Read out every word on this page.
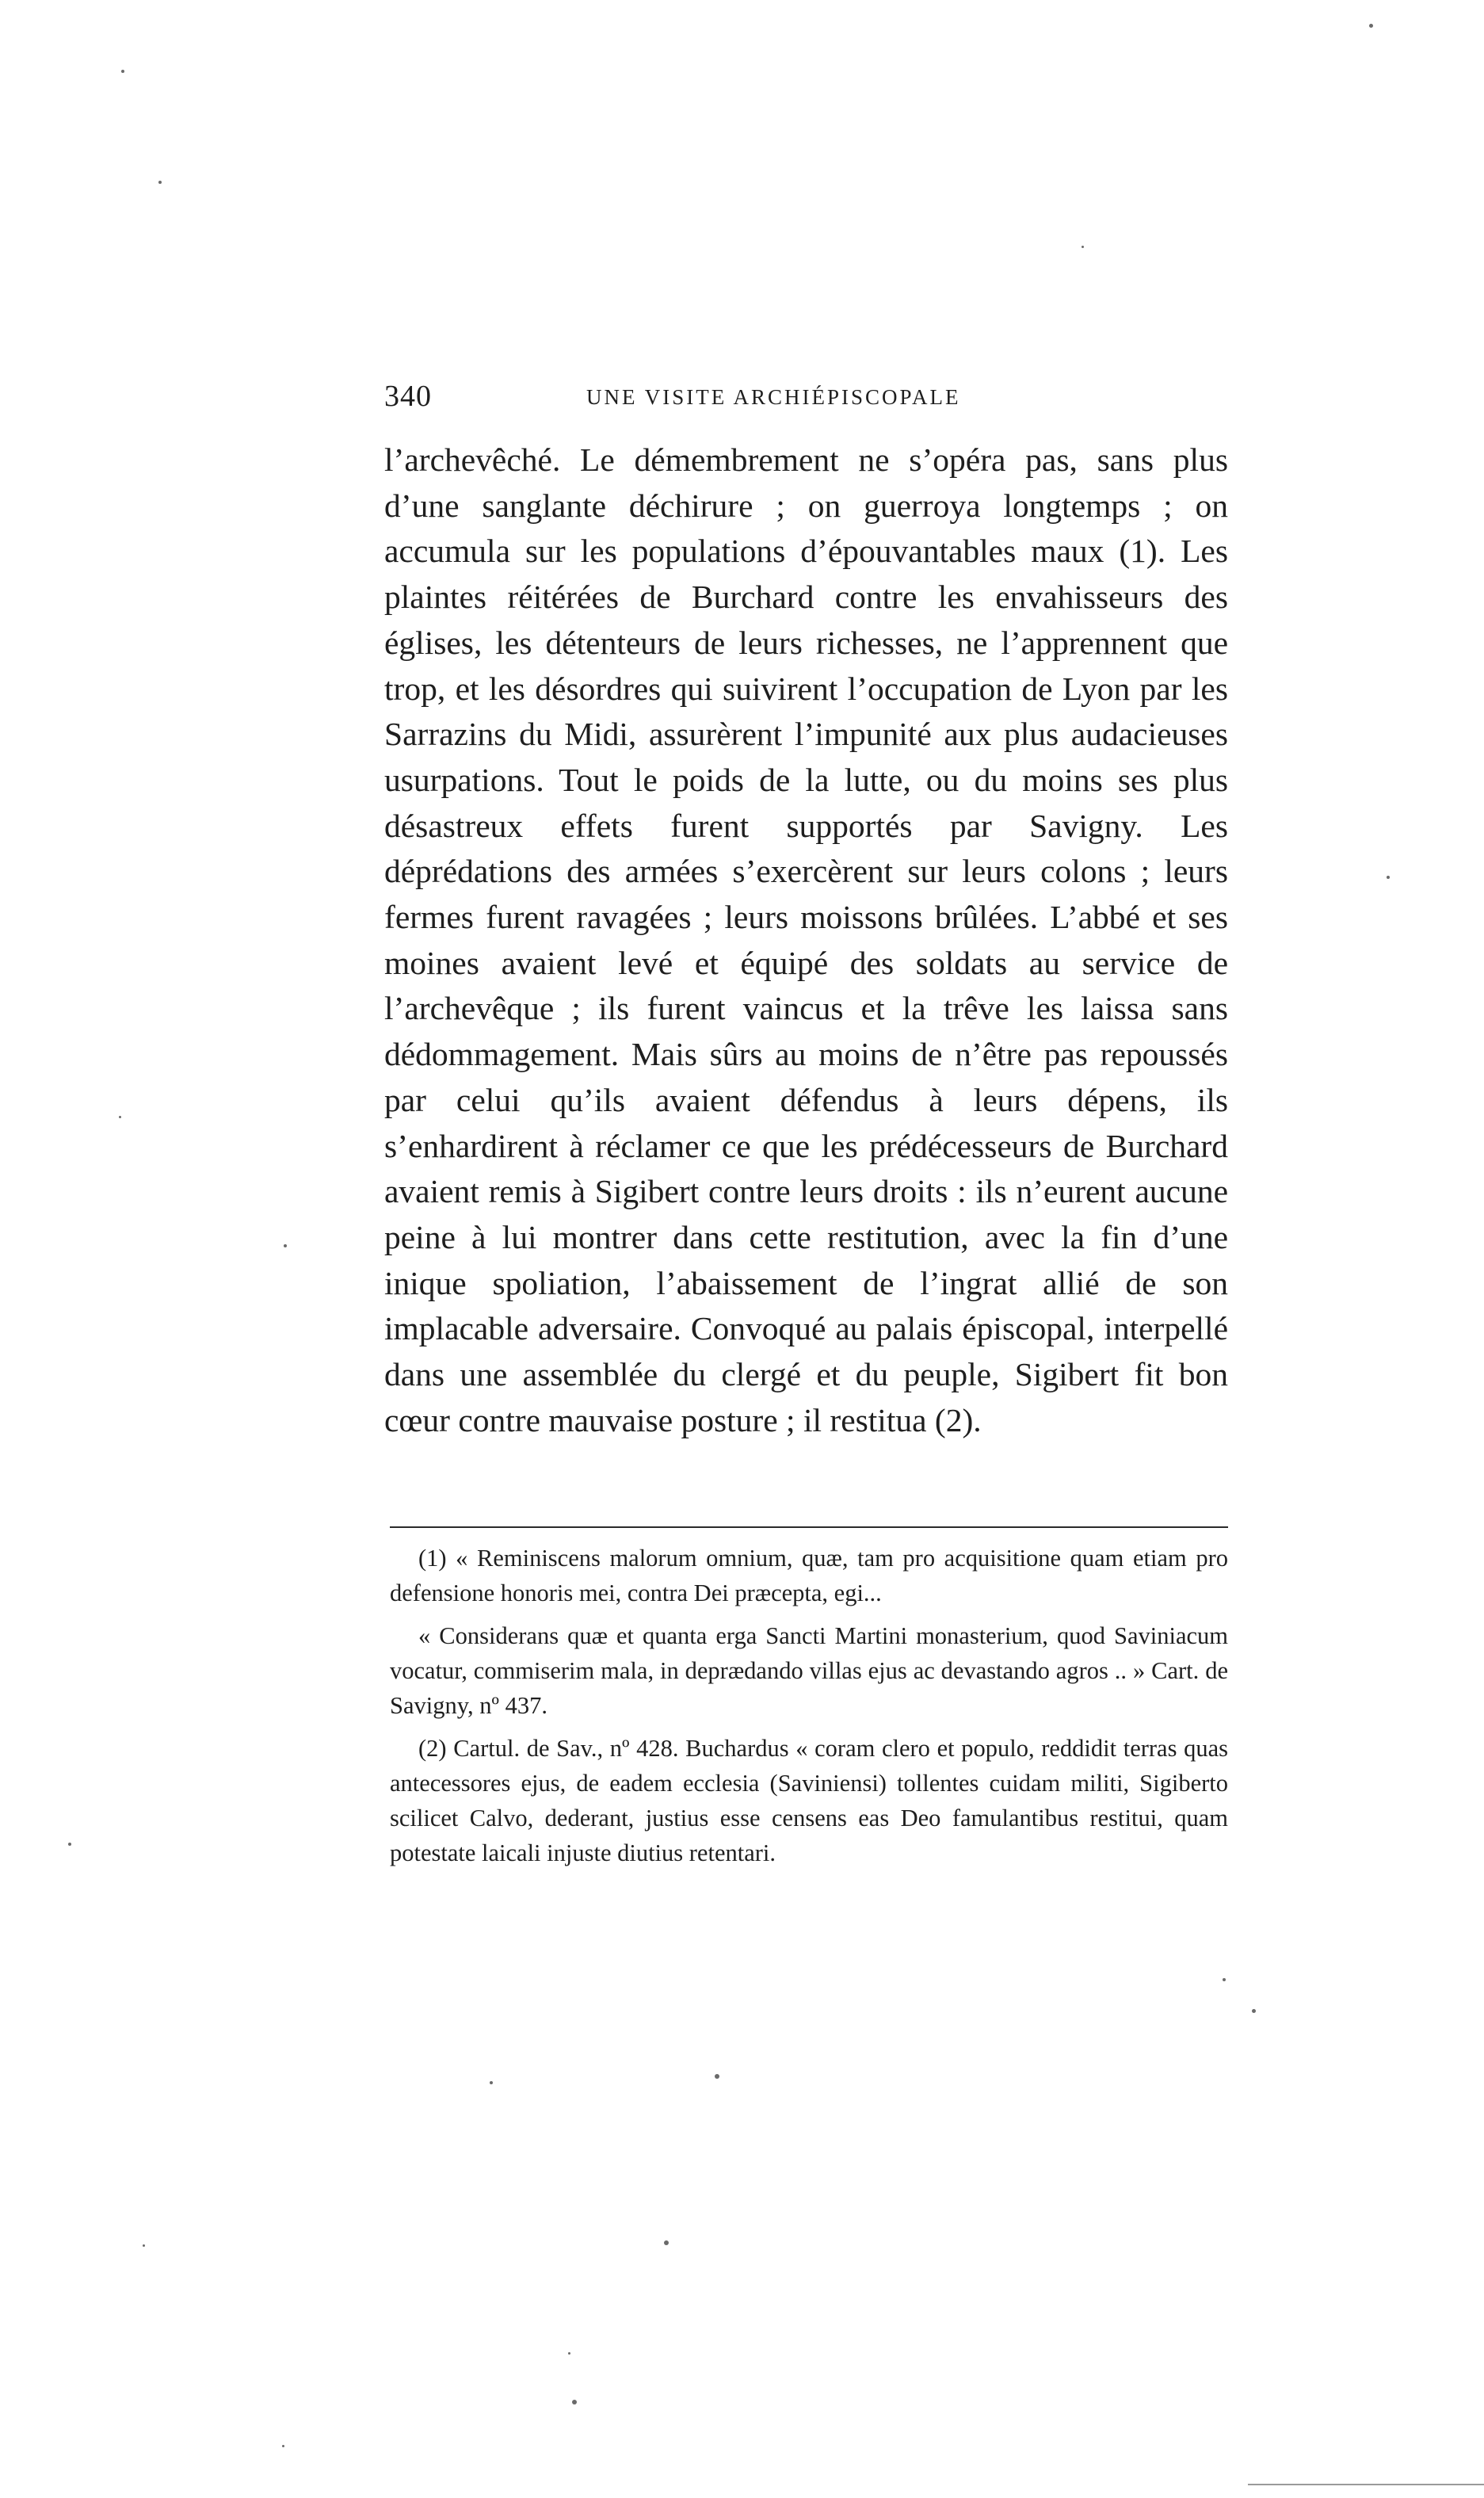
340	UNE VISITE ARCHIÉPISCOPALE

l’archevêché. Le démembrement ne s’opéra pas, sans plus d’une sanglante déchirure ; on guerroya longtemps ; on accumula sur les populations d’épouvantables maux (1). Les plaintes réitérées de Burchard contre les envahisseurs des églises, les détenteurs de leurs richesses, ne l’apprennent que trop, et les désordres qui suivirent l’occupation de Lyon par les Sarrazins du Midi, assurèrent l’impunité aux plus audacieuses usurpations. Tout le poids de la lutte, ou du moins ses plus désastreux effets furent supportés par Savigny. Les déprédations des armées s’exercèrent sur leurs colons ; leurs fermes furent ravagées ; leurs moissons brûlées. L’abbé et ses moines avaient levé et équipé des soldats au service de l’archevêque ; ils furent vaincus et la trêve les laissa sans dédommagement. Mais sûrs au moins de n’être pas repoussés par celui qu’ils avaient défendus à leurs dépens, ils s’enhardirent à réclamer ce que les prédécesseurs de Burchard avaient remis à Sigibert contre leurs droits : ils n’eurent aucune peine à lui montrer dans cette restitution, avec la fin d’une inique spoliation, l’abaissement de l’ingrat allié de son implacable adversaire. Convoqué au palais épiscopal, interpellé dans une assemblée du clergé et du peuple, Sigibert fit bon cœur contre mauvaise posture ; il restitua (2).

(1) « Reminiscens malorum omnium, quæ, tam pro acquisitione quam etiam pro defensione honoris mei, contra Dei præcepta, egi...

« Considerans quæ et quanta erga Sancti Martini monasterium, quod Saviniacum vocatur, commiserim mala, in deprædando villas ejus ac devastando agros .. » Cart. de Savigny, nº 437.

(2) Cartul. de Sav., nº 428. Buchardus « coram clero et populo, reddidit terras quas antecessores ejus, de eadem ecclesia (Saviniensi) tollentes cuidam militi, Sigiberto scilicet Calvo, dederant, justius esse censens eas Deo famulantibus restitui, quam potestate laicali injuste diutius retentari.
